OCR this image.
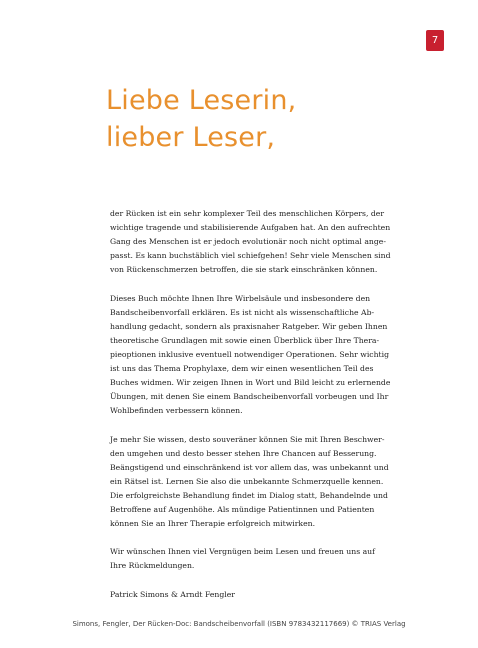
7
Liebe Leserin,
lieber Leser,

der Rücken ist ein sehr komplexer Teil des menschlichen Körpers, der
wichtige tragende und stabilisierende Aufgaben hat. An den aufrechten
Gang des Menschen ist er jedoch evolutionär noch nicht optimal ange-
passt. Es kann buchstäblich viel schiefgehen! Sehr viele Menschen sind
von Rückenschmerzen betroffen, die sie stark einschränken können.

Dieses Buch möchte Ihnen Ihre Wirbelsäule und insbesondere den
Bandscheibenvorfall erklären. Es ist nicht als wissenschaftliche Ab-
handlung gedacht, sondern als praxisnaher Ratgeber. Wir geben Ihnen
theoretische Grundlagen mit sowie einen Überblick über Ihre Thera-
pieoptionen inklusive eventuell notwendiger Operationen. Sehr wichtig
ist uns das Thema Prophylaxe, dem wir einen wesentlichen Teil des
Buches widmen. Wir zeigen Ihnen in Wort und Bild leicht zu erlernende
Übungen, mit denen Sie einem Bandscheibenvorfall vorbeugen und Ihr
Wohlbefinden verbessern können.

Je mehr Sie wissen, desto souveräner können Sie mit Ihren Beschwer-
den umgehen und desto besser stehen Ihre Chancen auf Besserung.
Beängstigend und einschränkend ist vor allem das, was unbekannt und
ein Rätsel ist. Lernen Sie also die unbekannte Schmerzquelle kennen.
Die erfolgreichste Behandlung findet im Dialog statt, Behandelnde und
Betroffene auf Augenhöhe. Als mündige Patientinnen und Patienten
können Sie an Ihrer Therapie erfolgreich mitwirken.

Wir wünschen Ihnen viel Vergnügen beim Lesen und freuen uns auf
Ihre Rückmeldungen.

Patrick Simons & Arndt Fengler

Simons, Fengler, Der Rücken-Doc: Bandscheibenvorfall (ISBN 9783432117669) © TRIAS Verlag
